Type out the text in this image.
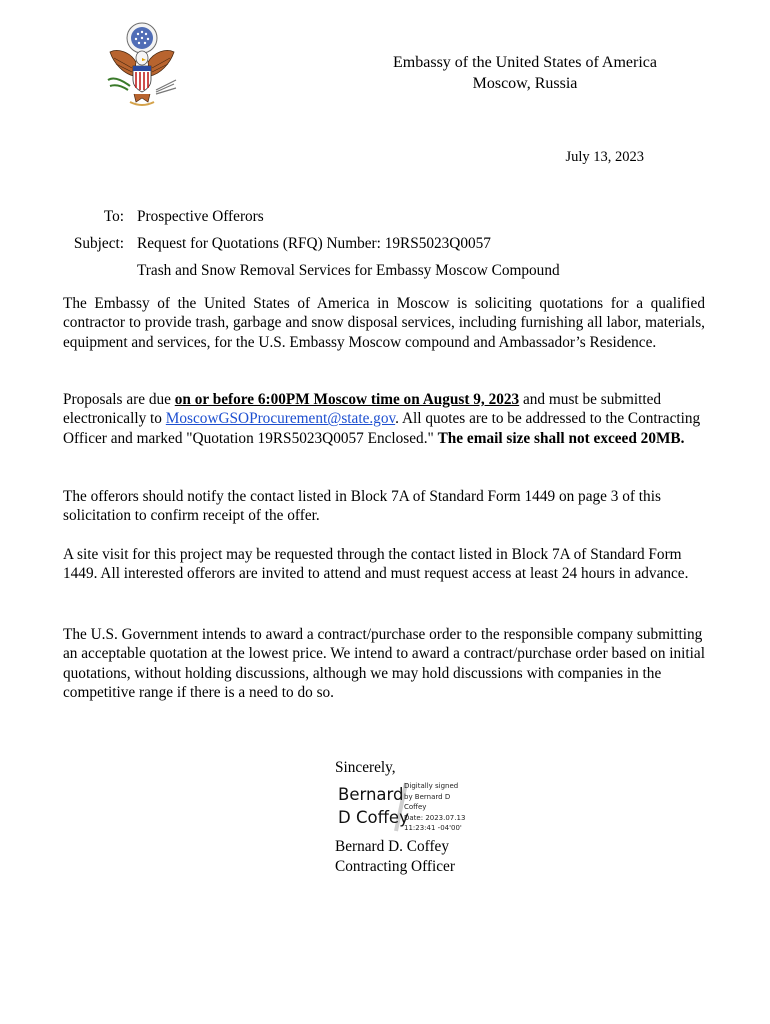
Embassy of the United States of America
Moscow, Russia
July 13, 2023
To: Prospective Offerors
Subject: Request for Quotations (RFQ) Number: 19RS5023Q0057
Trash and Snow Removal Services for Embassy Moscow Compound
The Embassy of the United States of America in Moscow is soliciting quotations for a qualified contractor to provide trash, garbage and snow disposal services, including furnishing all labor, materials, equipment and services, for the U.S. Embassy Moscow compound and Ambassador’s Residence.
Proposals are due on or before 6:00PM Moscow time on August 9, 2023 and must be submitted electronically to MoscowGSOProcurement@state.gov. All quotes are to be addressed to the Contracting Officer and marked "Quotation 19RS5023Q0057 Enclosed." The email size shall not exceed 20MB.
The offerors should notify the contact listed in Block 7A of Standard Form 1449 on page 3 of this solicitation to confirm receipt of the offer.
A site visit for this project may be requested through the contact listed in Block 7A of Standard Form 1449. All interested offerors are invited to attend and must request access at least 24 hours in advance.
The U.S. Government intends to award a contract/purchase order to the responsible company submitting an acceptable quotation at the lowest price. We intend to award a contract/purchase order based on initial quotations, without holding discussions, although we may hold discussions with companies in the competitive range if there is a need to do so.
Sincerely,
Bernard
D Coffey
Digitally signed
by Bernard D
Coffey
Date: 2023.07.13
11:23:41 -04'00'
Bernard D. Coffey
Contracting Officer
